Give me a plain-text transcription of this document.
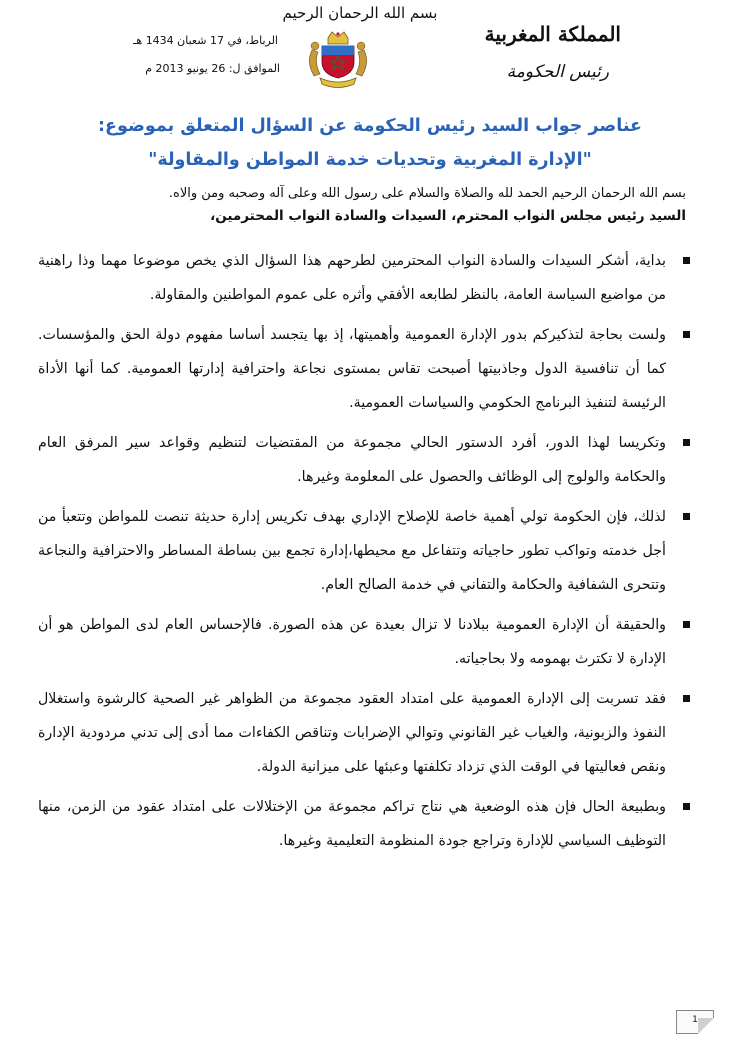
بسم الله الرحمان الرحيم
المملكة المغربية
رئيس الحكومة
الرباط، في 17 شعبان 1434 هـ
الموافق ل: 26 يونيو 2013 م
عناصر جواب السيد رئيس الحكومة عن السؤال المتعلق بموضوع:
"الإدارة المغربية وتحديات خدمة المواطن والمقاولة"
بسم الله الرحمان الرحيم الحمد لله والصلاة والسلام على رسول الله وعلى آله وصحبه ومن والاه.
السيد رئيس مجلس النواب المحترم، السيدات والسادة النواب المحترمين،
بداية، أشكر السيدات والسادة النواب المحترمين لطرحهم هذا السؤال الذي يخص موضوعا مهما وذا راهنية من مواضيع السياسة العامة، بالنظر لطابعه الأفقي وأثره على عموم المواطنين والمقاولة.
ولست بحاجة لتذكيركم بدور الإدارة العمومية وأهميتها، إذ بها يتجسد أساسا مفهوم دولة الحق والمؤسسات. كما أن تنافسية الدول وجاذبيتها أصبحت تقاس بمستوى نجاعة واحترافية إدارتها العمومية. كما أنها الأداة الرئيسة لتنفيذ البرنامج الحكومي والسياسات العمومية.
وتكريسا لهذا الدور، أفرد الدستور الحالي مجموعة من المقتضيات لتنظيم وقواعد سير المرفق العام والحكامة والولوج إلى الوظائف والحصول على المعلومة وغيرها.
لذلك، فإن الحكومة تولي أهمية خاصة للإصلاح الإداري بهدف تكريس إدارة حديثة تنصت للمواطن وتتعبأ من أجل خدمته وتواكب تطور حاجياته وتتفاعل مع محيطها،إدارة تجمع بين بساطة المساطر والاحترافية والنجاعة وتتحرى الشفافية والحكامة والتفاني في خدمة الصالح العام.
والحقيقة أن الإدارة العمومية ببلادنا لا تزال بعيدة عن هذه الصورة. فالإحساس العام لدى المواطن هو أن الإدارة لا تكترث بهمومه ولا بحاجياته.
فقد تسربت إلى الإدارة العمومية على امتداد العقود مجموعة من الظواهر غير الصحية كالرشوة واستغلال النفوذ والزبونية، والغياب غير القانوني وتوالي الإضرابات وتناقص الكفاءات مما أدى إلى تدني مردودية الإدارة ونقص فعاليتها في الوقت الذي تزداد تكلفتها وعبئها على ميزانية الدولة.
وبطبيعة الحال فإن هذه الوضعية هي نتاج تراكم مجموعة من الإختلالات على امتداد عقود من الزمن، منها التوظيف السياسي للإدارة وتراجع جودة المنظومة التعليمية وغيرها.
1
